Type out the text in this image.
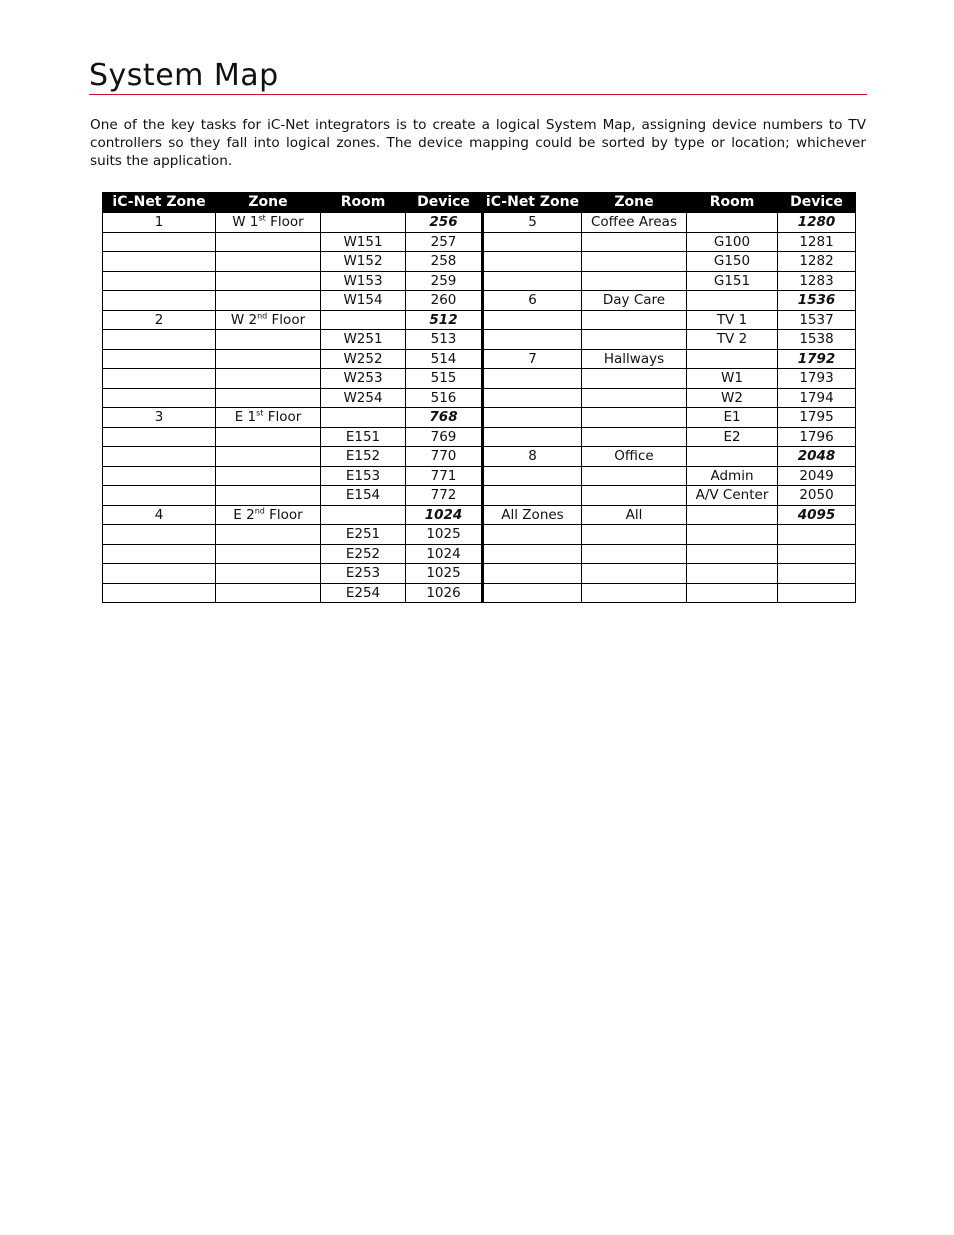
System Map

One of the key tasks for iC-Net integrators is to create a logical System Map, assigning device numbers to TV controllers so they fall into logical zones. The device mapping could be sorted by type or location; whichever suits the application.

iC-Net Zone	Zone	Room	Device	iC-Net Zone	Zone	Room	Device
1	W 1st Floor		256	5	Coffee Areas		1280
		W151	257			G100	1281
		W152	258			G150	1282
		W153	259			G151	1283
		W154	260	6	Day Care		1536
2	W 2nd Floor		512			TV 1	1537
		W251	513			TV 2	1538
		W252	514	7	Hallways		1792
		W253	515			W1	1793
		W254	516			W2	1794
3	E 1st Floor		768			E1	1795
		E151	769			E2	1796
		E152	770	8	Office		2048
		E153	771			Admin	2049
		E154	772			A/V Center	2050
4	E 2nd Floor		1024	All Zones	All		4095
		E251	1025				
		E252	1024				
		E253	1025				
		E254	1026				
